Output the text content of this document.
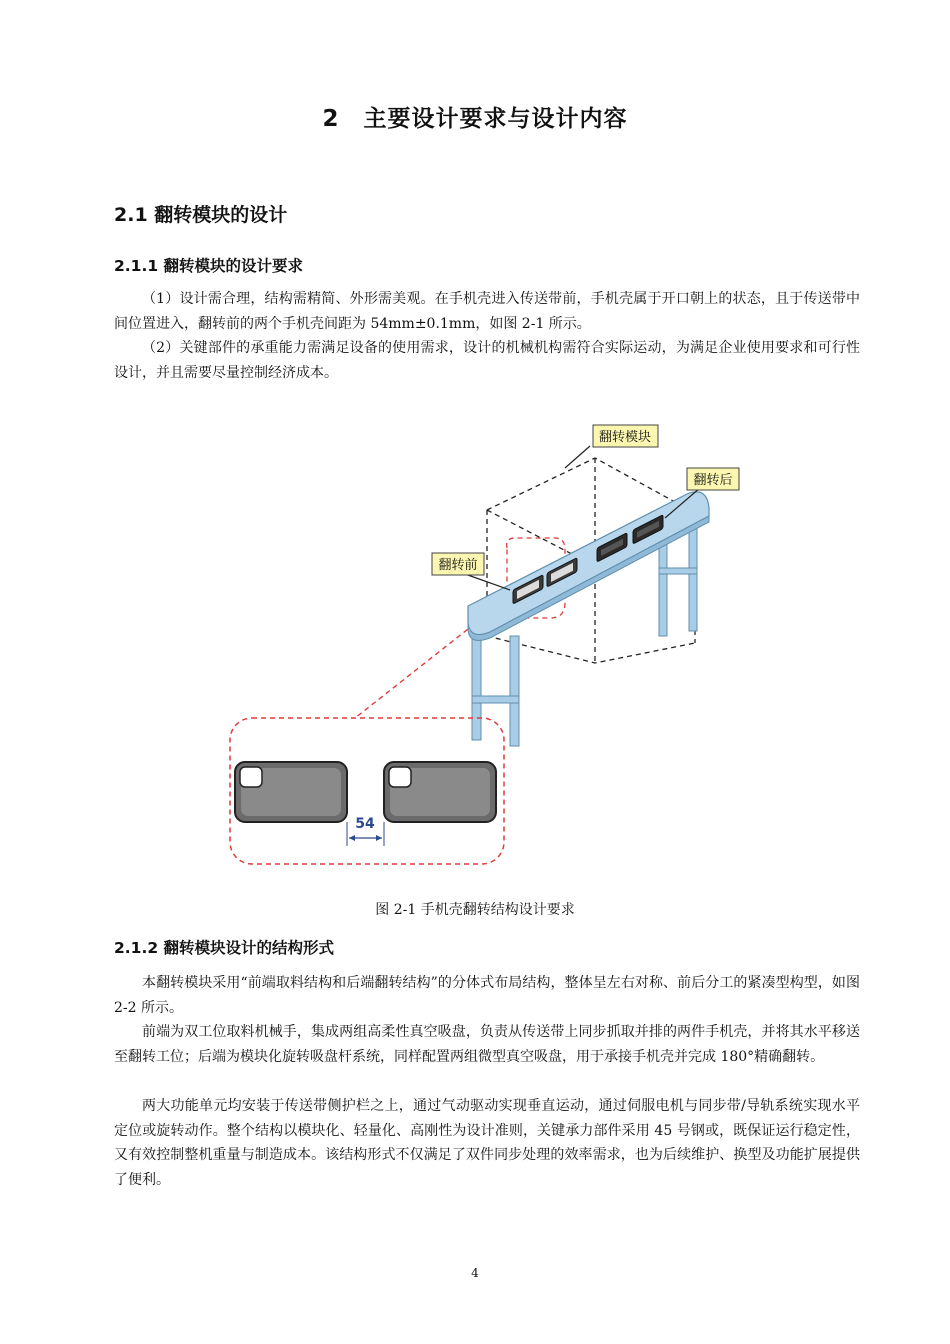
2　主要设计要求与设计内容
2.1 翻转模块的设计
2.1.1 翻转模块的设计要求

（1）设计需合理，结构需精简、外形需美观。在手机壳进入传送带前，手机壳属于开口朝上的状态，且于传送带中间位置进入，翻转前的两个手机壳间距为 54mm±0.1mm，如图 2-1 所示。

（2）关键部件的承重能力需满足设备的使用需求，设计的机械机构需符合实际运动，为满足企业使用要求和可行性设计，并且需要尽量控制经济成本。

翻转模块
翻转后
翻转前
54
图 2-1 手机壳翻转结构设计要求
2.1.2 翻转模块设计的结构形式

本翻转模块采用“前端取料结构和后端翻转结构”的分体式布局结构，整体呈左右对称、前后分工的紧凑型构型，如图 2-2 所示。

前端为双工位取料机械手，集成两组高柔性真空吸盘，负责从传送带上同步抓取并排的两件手机壳，并将其水平移送至翻转工位；后端为模块化旋转吸盘杆系统，同样配置两组微型真空吸盘，用于承接手机壳并完成 180°精确翻转。

两大功能单元均安装于传送带侧护栏之上，通过气动驱动实现垂直运动，通过伺服电机与同步带/导轨系统实现水平定位或旋转动作。整个结构以模块化、轻量化、高刚性为设计准则，关键承力部件采用 45 号钢或，既保证运行稳定性，又有效控制整机重量与制造成本。该结构形式不仅满足了双件同步处理的效率需求，也为后续维护、换型及功能扩展提供了便利。

4
